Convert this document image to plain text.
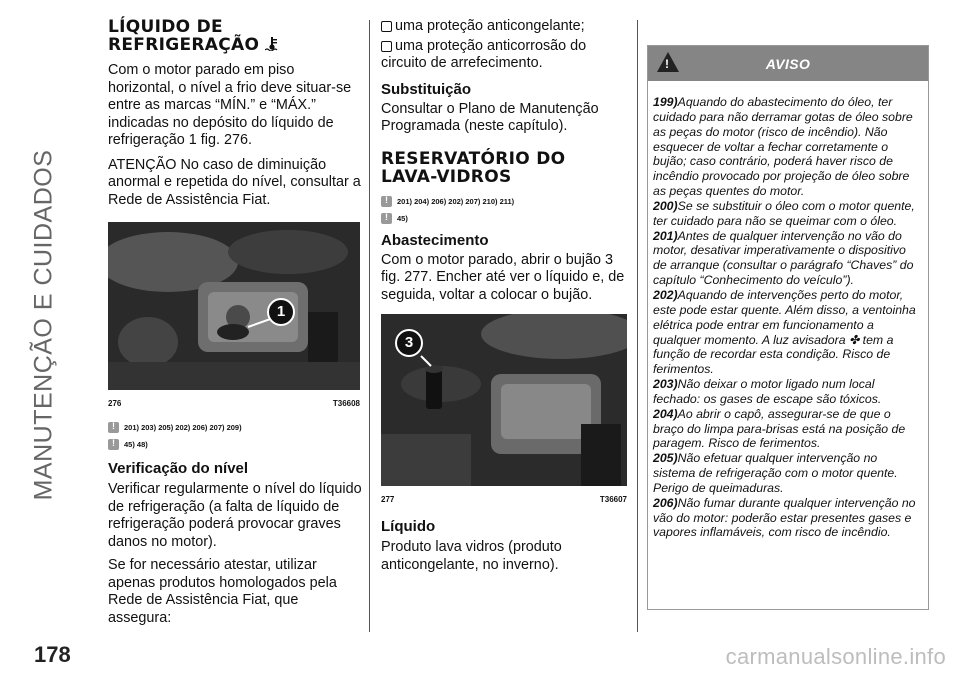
MANUTENÇÃO E CUIDADOS
178	carmanualsonline.info
LÍQUIDO DE
REFRIGERAÇÃO

Com o motor parado em piso horizontal, o nível a frio deve situar-se entre as marcas “MÍN.” e “MÁX.” indicadas no depósito do líquido de refrigeração 1 fig. 276.

ATENÇÃO No caso de diminuição anormal e repetida do nível, consultar a Rede de Assistência Fiat.

1
276	T36608
!
201) 203) 205) 202) 206) 207) 209)
!
45) 48)
Verificação do nível

Verificar regularmente o nível do líquido de refrigeração (a falta de líquido de refrigeração poderá provocar graves danos no motor).

Se for necessário atestar, utilizar apenas produtos homologados pela Rede de Assistência Fiat, que assegura:

uma proteção anticongelante;

uma proteção anticorrosão do

circuito de arrefecimento.

Substituição

Consultar o Plano de Manutenção Programada (neste capítulo).

RESERVATÓRIO DO
LAVA-VIDROS
!
201) 204) 206) 202) 207) 210) 211)
!
45)
Abastecimento

Com o motor parado, abrir o bujão 3 fig. 277. Encher até ver o líquido e, de seguida, voltar a colocar o bujão.

3
277	T36607
Líquido

Produto lava vidros (produto anticongelante, no inverno).

!	AVISO
199)Aquando do abastecimento do óleo, ter cuidado para não derramar gotas de óleo sobre as peças do motor (risco de incêndio). Não esquecer de voltar a fechar corretamente o bujão; caso contrário, poderá haver risco de incêndio provocado por projeção de óleo sobre as peças quentes do motor.
200)Se se substituir o óleo com o motor quente, ter cuidado para não se queimar com o óleo.
201)Antes de qualquer intervenção no vão do motor, desativar imperativamente o dispositivo de arranque (consultar o parágrafo “Chaves” do capítulo “Conhecimento do veículo”).
202)Aquando de intervenções perto do motor, este pode estar quente. Além disso, a ventoinha elétrica pode entrar em funcionamento a qualquer momento. A luz avisadora ✤ tem a função de recordar esta condição. Risco de ferimentos.
203)Não deixar o motor ligado num local fechado: os gases de escape são tóxicos.
204)Ao abrir o capô, assegurar-se de que o braço do limpa para-brisas está na posição de paragem. Risco de ferimentos.
205)Não efetuar qualquer intervenção no sistema de refrigeração com o motor quente. Perigo de queimaduras.
206)Não fumar durante qualquer intervenção no vão do motor: poderão estar presentes gases e vapores inflamáveis, com risco de incêndio.
